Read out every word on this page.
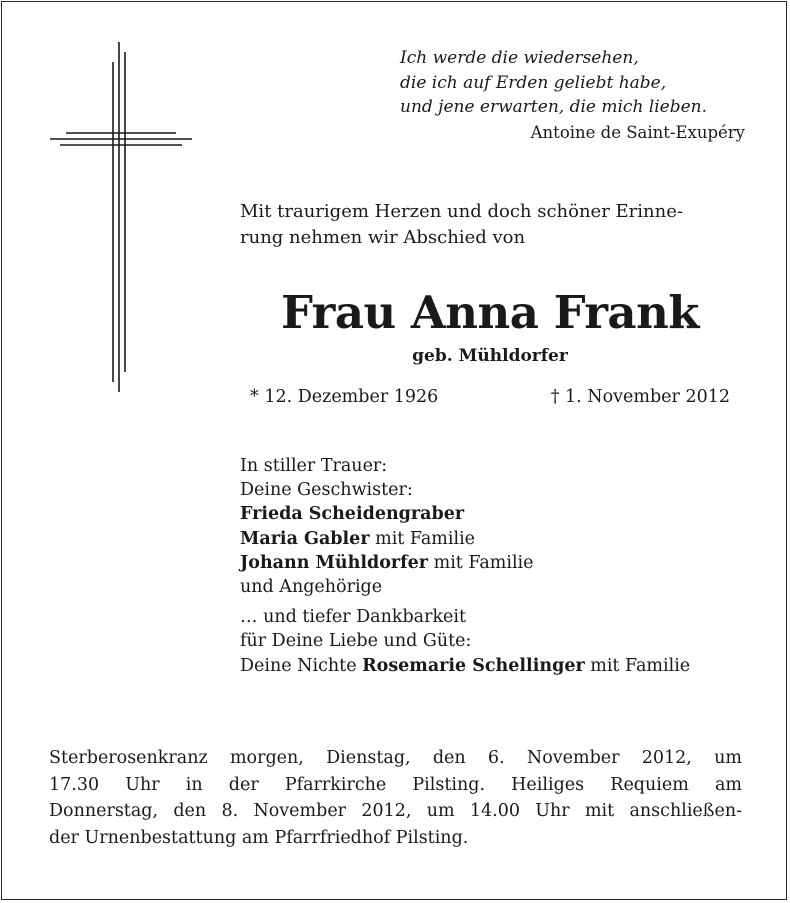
Ich werde die wiedersehen,
die ich auf Erden geliebt habe,
und jene erwarten, die mich lieben.
Antoine de Saint-Exupéry
Mit traurigem Herzen und doch schöner Erinne-
rung nehmen wir Abschied von
Frau Anna Frank
geb. Mühldorfer
* 12. Dezember 1926	† 1. November 2012
In stiller Trauer:
Deine Geschwister:
Frieda Scheidengraber
Maria Gabler mit Familie
Johann Mühldorfer mit Familie
und Angehörige
… und tiefer Dankbarkeit
für Deine Liebe und Güte:
Deine Nichte Rosemarie Schellinger mit Familie
Sterberosenkranz morgen, Dienstag, den 6. November 2012, um
17.30 Uhr in der Pfarrkirche Pilsting. Heiliges Requiem am
Donnerstag, den 8. November 2012, um 14.00 Uhr mit anschließen-
der Urnenbestattung am Pfarrfriedhof Pilsting.
